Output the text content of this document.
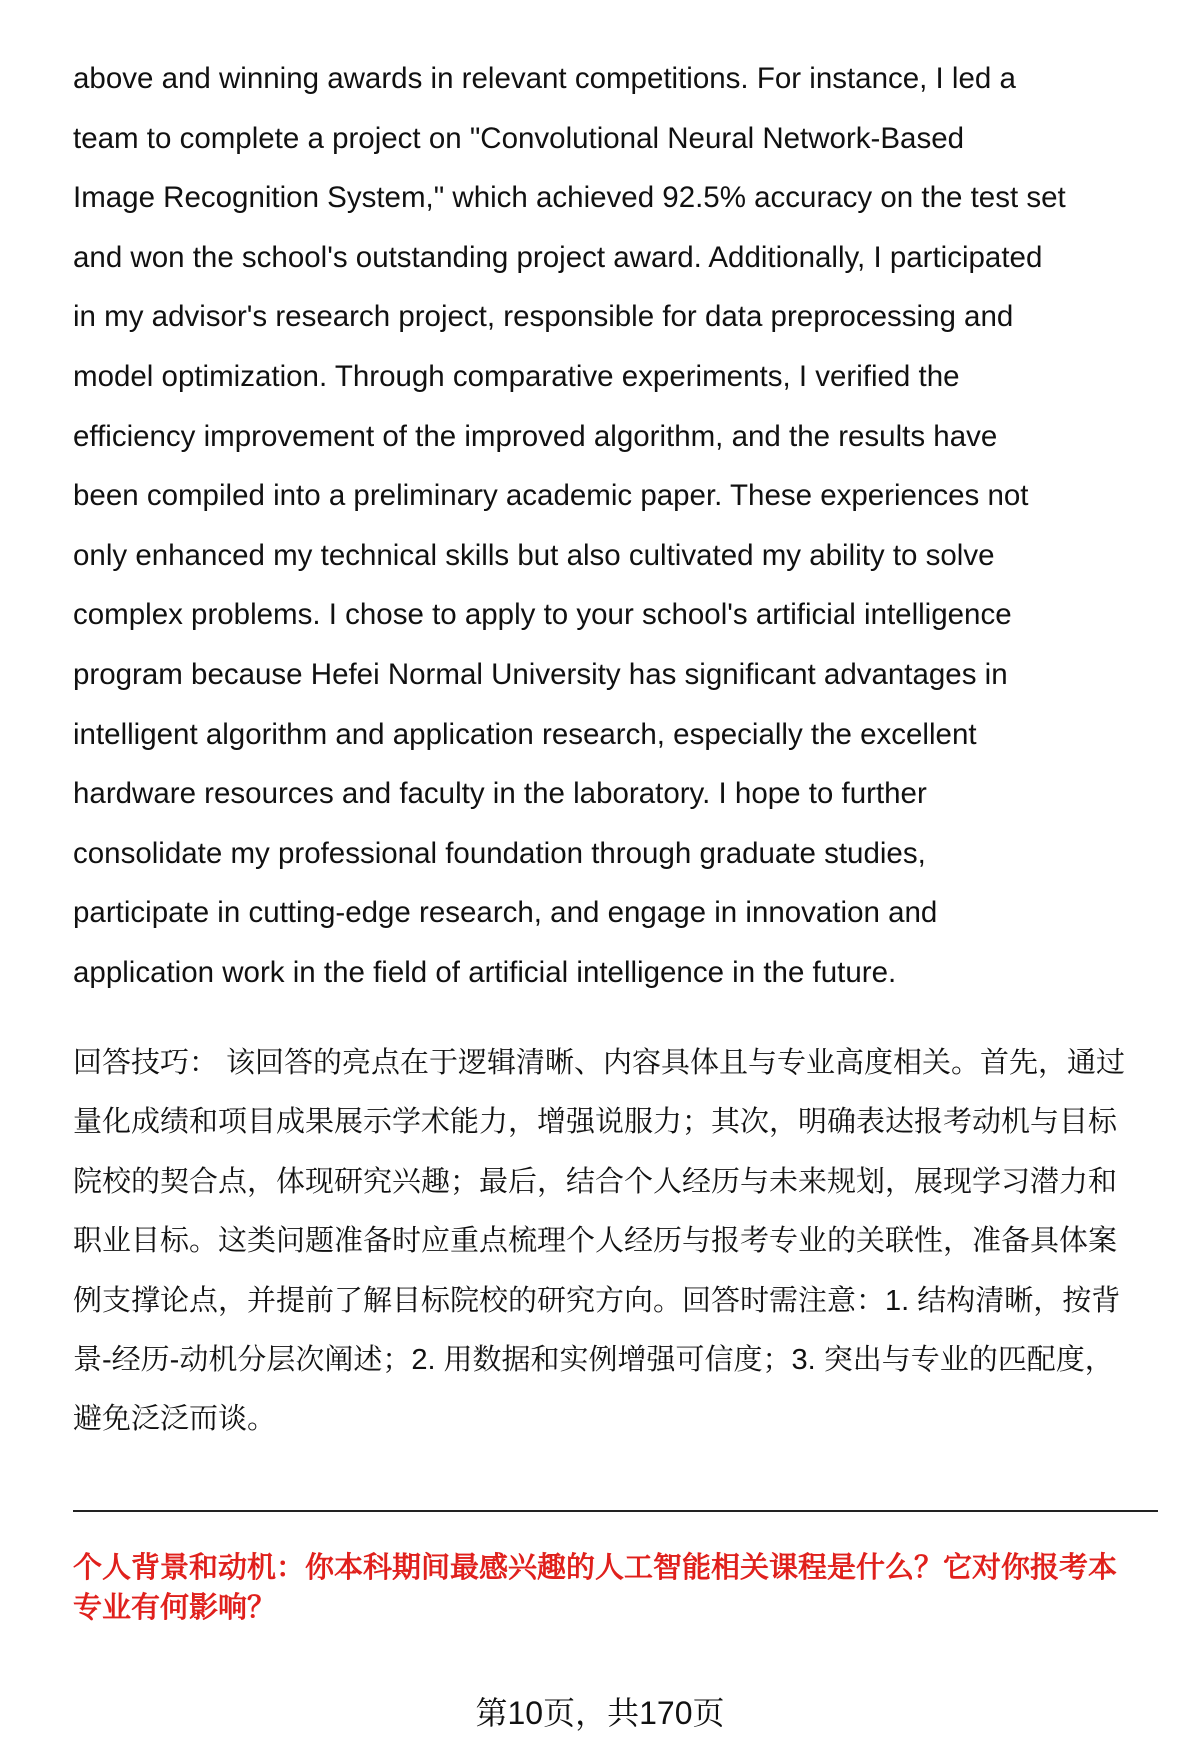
above and winning awards in relevant competitions. For instance, I led a
team to complete a project on "Convolutional Neural Network-Based
Image Recognition System," which achieved 92.5% accuracy on the test set
and won the school's outstanding project award. Additionally, I participated
in my advisor's research project, responsible for data preprocessing and
model optimization. Through comparative experiments, I verified the
efficiency improvement of the improved algorithm, and the results have
been compiled into a preliminary academic paper. These experiences not
only enhanced my technical skills but also cultivated my ability to solve
complex problems. I chose to apply to your school's artificial intelligence
program because Hefei Normal University has significant advantages in
intelligent algorithm and application research, especially the excellent
hardware resources and faculty in the laboratory. I hope to further
consolidate my professional foundation through graduate studies,
participate in cutting-edge research, and engage in innovation and
application work in the field of artificial intelligence in the future.
回答技巧： 该回答的亮点在于逻辑清晰、内容具体且与专业高度相关。首先，通过
量化成绩和项目成果展示学术能力，增强说服力；其次，明确表达报考动机与目标
院校的契合点，体现研究兴趣；最后，结合个人经历与未来规划，展现学习潜力和
职业目标。这类问题准备时应重点梳理个人经历与报考专业的关联性，准备具体案
例支撑论点，并提前了解目标院校的研究方向。回答时需注意：1. 结构清晰，按背
景-经历-动机分层次阐述；2. 用数据和实例增强可信度；3. 突出与专业的匹配度，
避免泛泛而谈。
个人背景和动机：你本科期间最感兴趣的人工智能相关课程是什么？它对你报考本
专业有何影响？
第10页，共170页
